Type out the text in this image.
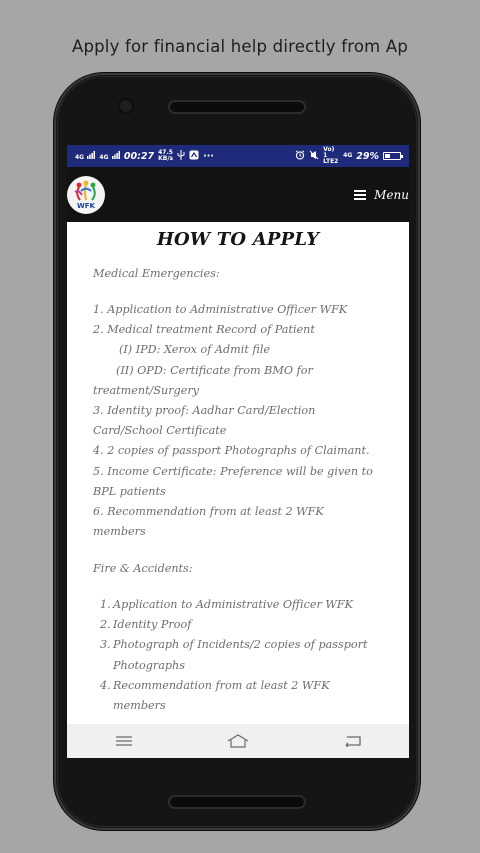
Apply for financial help directly from Ap
4G	4G	00:27 47.5
KB/s	···
Vo) 1 LTE2
4G 29%
WFK
Menu
HOW TO APPLY
Medical Emergencies:
1. Application to Administrative Officer WFK
2. Medical treatment Record of Patient
(I) IPD: Xerox of Admit file
(II) OPD: Certificate from BMO for
treatment/Surgery
3. Identity proof: Aadhar Card/Election
Card/School Certificate
4. 2 copies of passport Photographs of Claimant.
5. Income Certificate: Preference will be given to
BPL patients
6. Recommendation from at least 2 WFK
members
Fire & Accidents:
1. Application to Administrative Officer WFK
2. Identity Proof
3. Photograph of Incidents/2 copies of passport
Photographs
4. Recommendation from at least 2 WFK
members
